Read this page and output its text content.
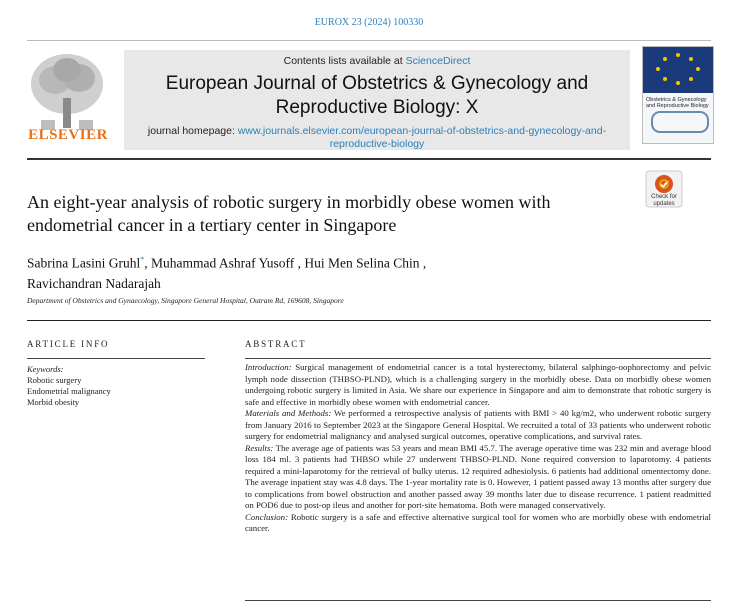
EUROX 23 (2024) 100330
ELSEVIER
Contents lists available at ScienceDirect
European Journal of Obstetrics & Gynecology and Reproductive Biology: X
journal homepage: www.journals.elsevier.com/european-journal-of-obstetrics-and-gynecology-and-reproductive-biology
Obstetrics & Gynecology and Reproductive Biology
Check for updates
An eight-year analysis of robotic surgery in morbidly obese women with endometrial cancer in a tertiary center in Singapore
Sabrina Lasini Gruhl*, Muhammad Ashraf Yusoff , Hui Men Selina Chin ,
Ravichandran Nadarajah
Department of Obstetrics and Gynaecology, Singapore General Hospital, Outram Rd, 169608, Singapore
ARTICLE INFO	ABSTRACT
Keywords:
Robotic surgery
Endometrial malignancy
Morbid obesity

Introduction: Surgical management of endometrial cancer is a total hysterectomy, bilateral salphingo-oophorectomy and pelvic lymph node dissection (THBSO-PLND), which is a challenging surgery in the morbidly obese. Data on morbidly obese women undergoing robotic surgery is limited in Asia. We share our experience in Singapore and aim to demonstrate that robotic surgery is safe and effective in morbidly obese women with endometrial cancer.

Materials and Methods: We performed a retrospective analysis of patients with BMI > 40 kg/m2, who underwent robotic surgery from January 2016 to September 2023 at the Singapore General Hospital. We recruited a total of 33 patients who underwent robotic surgery for endometrial malignancy and analysed surgical outcomes, operative complications, and survival rates.

Results: The average age of patients was 53 years and mean BMI 45.7. The average operative time was 232 min and average blood loss 184 ml. 3 patients had THBSO while 27 underwent THBSO-PLND. None required conversion to laparotomy. 4 patients required a mini-laparotomy for the retrieval of bulky uterus. 12 required adhesiolysis. 6 patients had additional omentectomy done. The average inpatient stay was 4.8 days. The 1-year mortality rate is 0. However, 1 patient passed away 13 months after surgery due to complications from bowel obstruction and another passed away 39 months later due to disease recurrence. 1 patient readmitted on POD6 due to post-op ileus and another for port-site hematoma. Both were managed conservatively.

Conclusion: Robotic surgery is a safe and effective alternative surgical tool for women who are morbidly obese with endometrial cancer.
